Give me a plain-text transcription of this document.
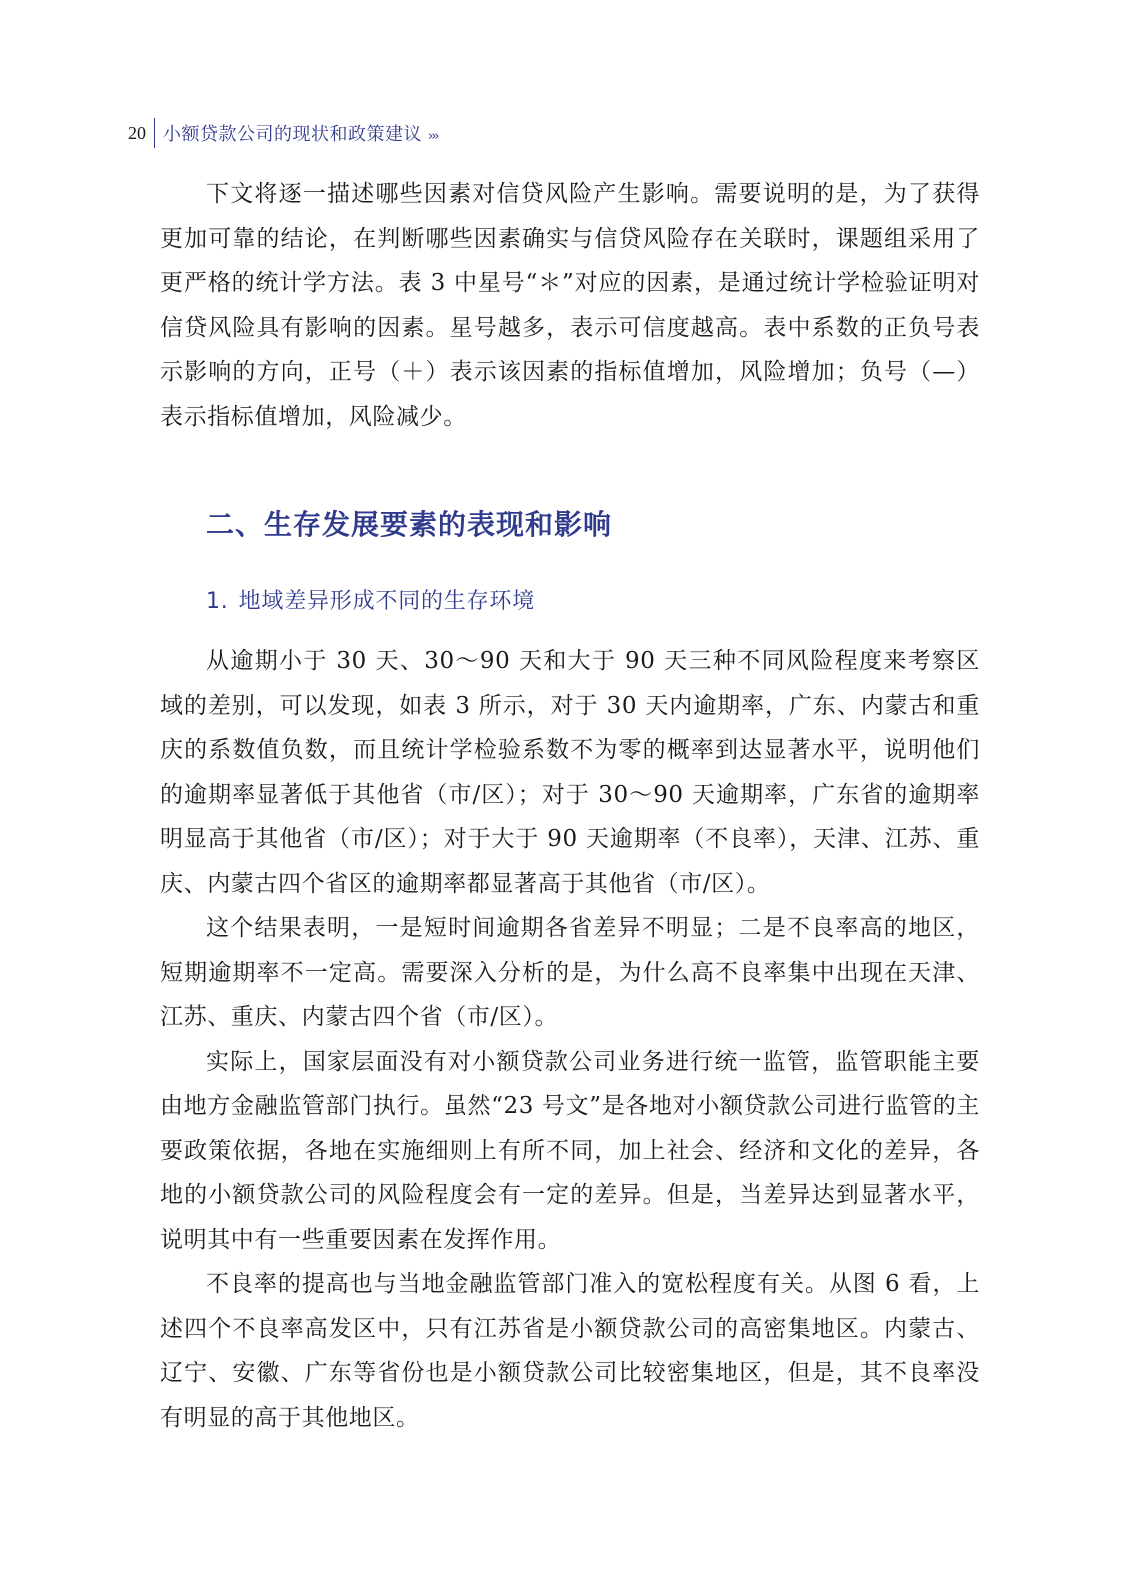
20 小额贷款公司的现状和政策建议 ›››

下文将逐一描述哪些因素对信贷风险产生影响。需要说明的是，为了获得更加可靠的结论，在判断哪些因素确实与信贷风险存在关联时，课题组采用了更严格的统计学方法。表 3 中星号“＊”对应的因素，是通过统计学检验证明对信贷风险具有影响的因素。星号越多，表示可信度越高。表中系数的正负号表示影响的方向，正号（＋）表示该因素的指标值增加，风险增加；负号（—）表示指标值增加，风险减少。

二、生存发展要素的表现和影响
1. 地域差异形成不同的生存环境

从逾期小于 30 天、30～90 天和大于 90 天三种不同风险程度来考察区域的差别，可以发现，如表 3 所示，对于 30 天内逾期率，广东、内蒙古和重庆的系数值负数，而且统计学检验系数不为零的概率到达显著水平，说明他们的逾期率显著低于其他省（市/区）；对于 30～90 天逾期率，广东省的逾期率明显高于其他省（市/区）；对于大于 90 天逾期率（不良率），天津、江苏、重庆、内蒙古四个省区的逾期率都显著高于其他省（市/区）。

这个结果表明，一是短时间逾期各省差异不明显；二是不良率高的地区，短期逾期率不一定高。需要深入分析的是，为什么高不良率集中出现在天津、江苏、重庆、内蒙古四个省（市/区）。

实际上，国家层面没有对小额贷款公司业务进行统一监管，监管职能主要由地方金融监管部门执行。虽然“23 号文”是各地对小额贷款公司进行监管的主要政策依据，各地在实施细则上有所不同，加上社会、经济和文化的差异，各地的小额贷款公司的风险程度会有一定的差异。但是，当差异达到显著水平，说明其中有一些重要因素在发挥作用。

不良率的提高也与当地金融监管部门准入的宽松程度有关。从图 6 看，上述四个不良率高发区中，只有江苏省是小额贷款公司的高密集地区。内蒙古、辽宁、安徽、广东等省份也是小额贷款公司比较密集地区，但是，其不良率没有明显的高于其他地区。
